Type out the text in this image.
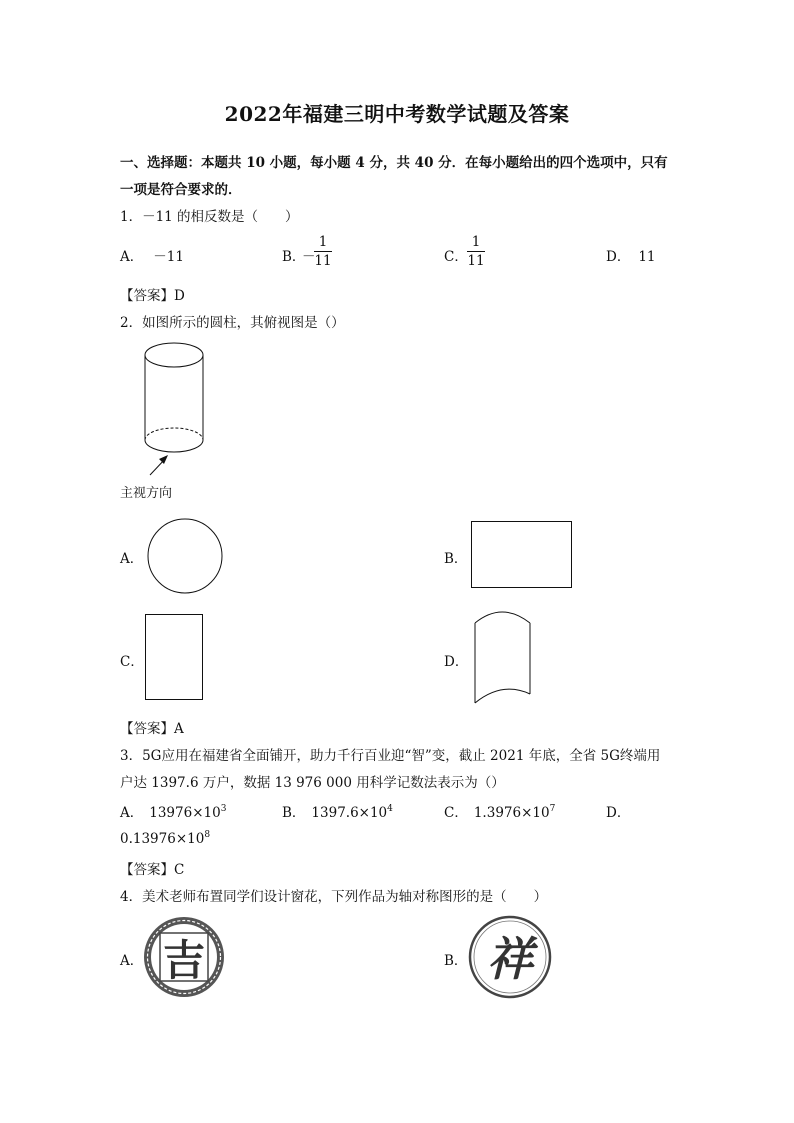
2022年福建三明中考数学试题及答案
一、选择题：本题共 10 小题，每小题 4 分，共 40 分．在每小题给出的四个选项中，只有
一项是符合要求的．
1．－11 的相反数是（　　）
A． －11	B．
－
1
11	C．
1
11	D． 11
【答案】D
2．如图所示的圆柱，其俯视图是（）
主视方向
A．	B．
C．	D．
【答案】A
3．5G应用在福建省全面铺开，助力千行百业迎“智”变，截止 2021 年底，全省 5G终端用
户达 1397.6 万户，数据 13 976 000 用科学记数法表示为（）
A． $13976\times 10^3$	B． $1397.6\times 10^4$	C． $1.3976\times 10^7$	D．
$0.13976\times 10^8$
【答案】C
4．美术老师布置同学们设计窗花，下列作品为轴对称图形的是（　　）
A． 吉	B． 祥
